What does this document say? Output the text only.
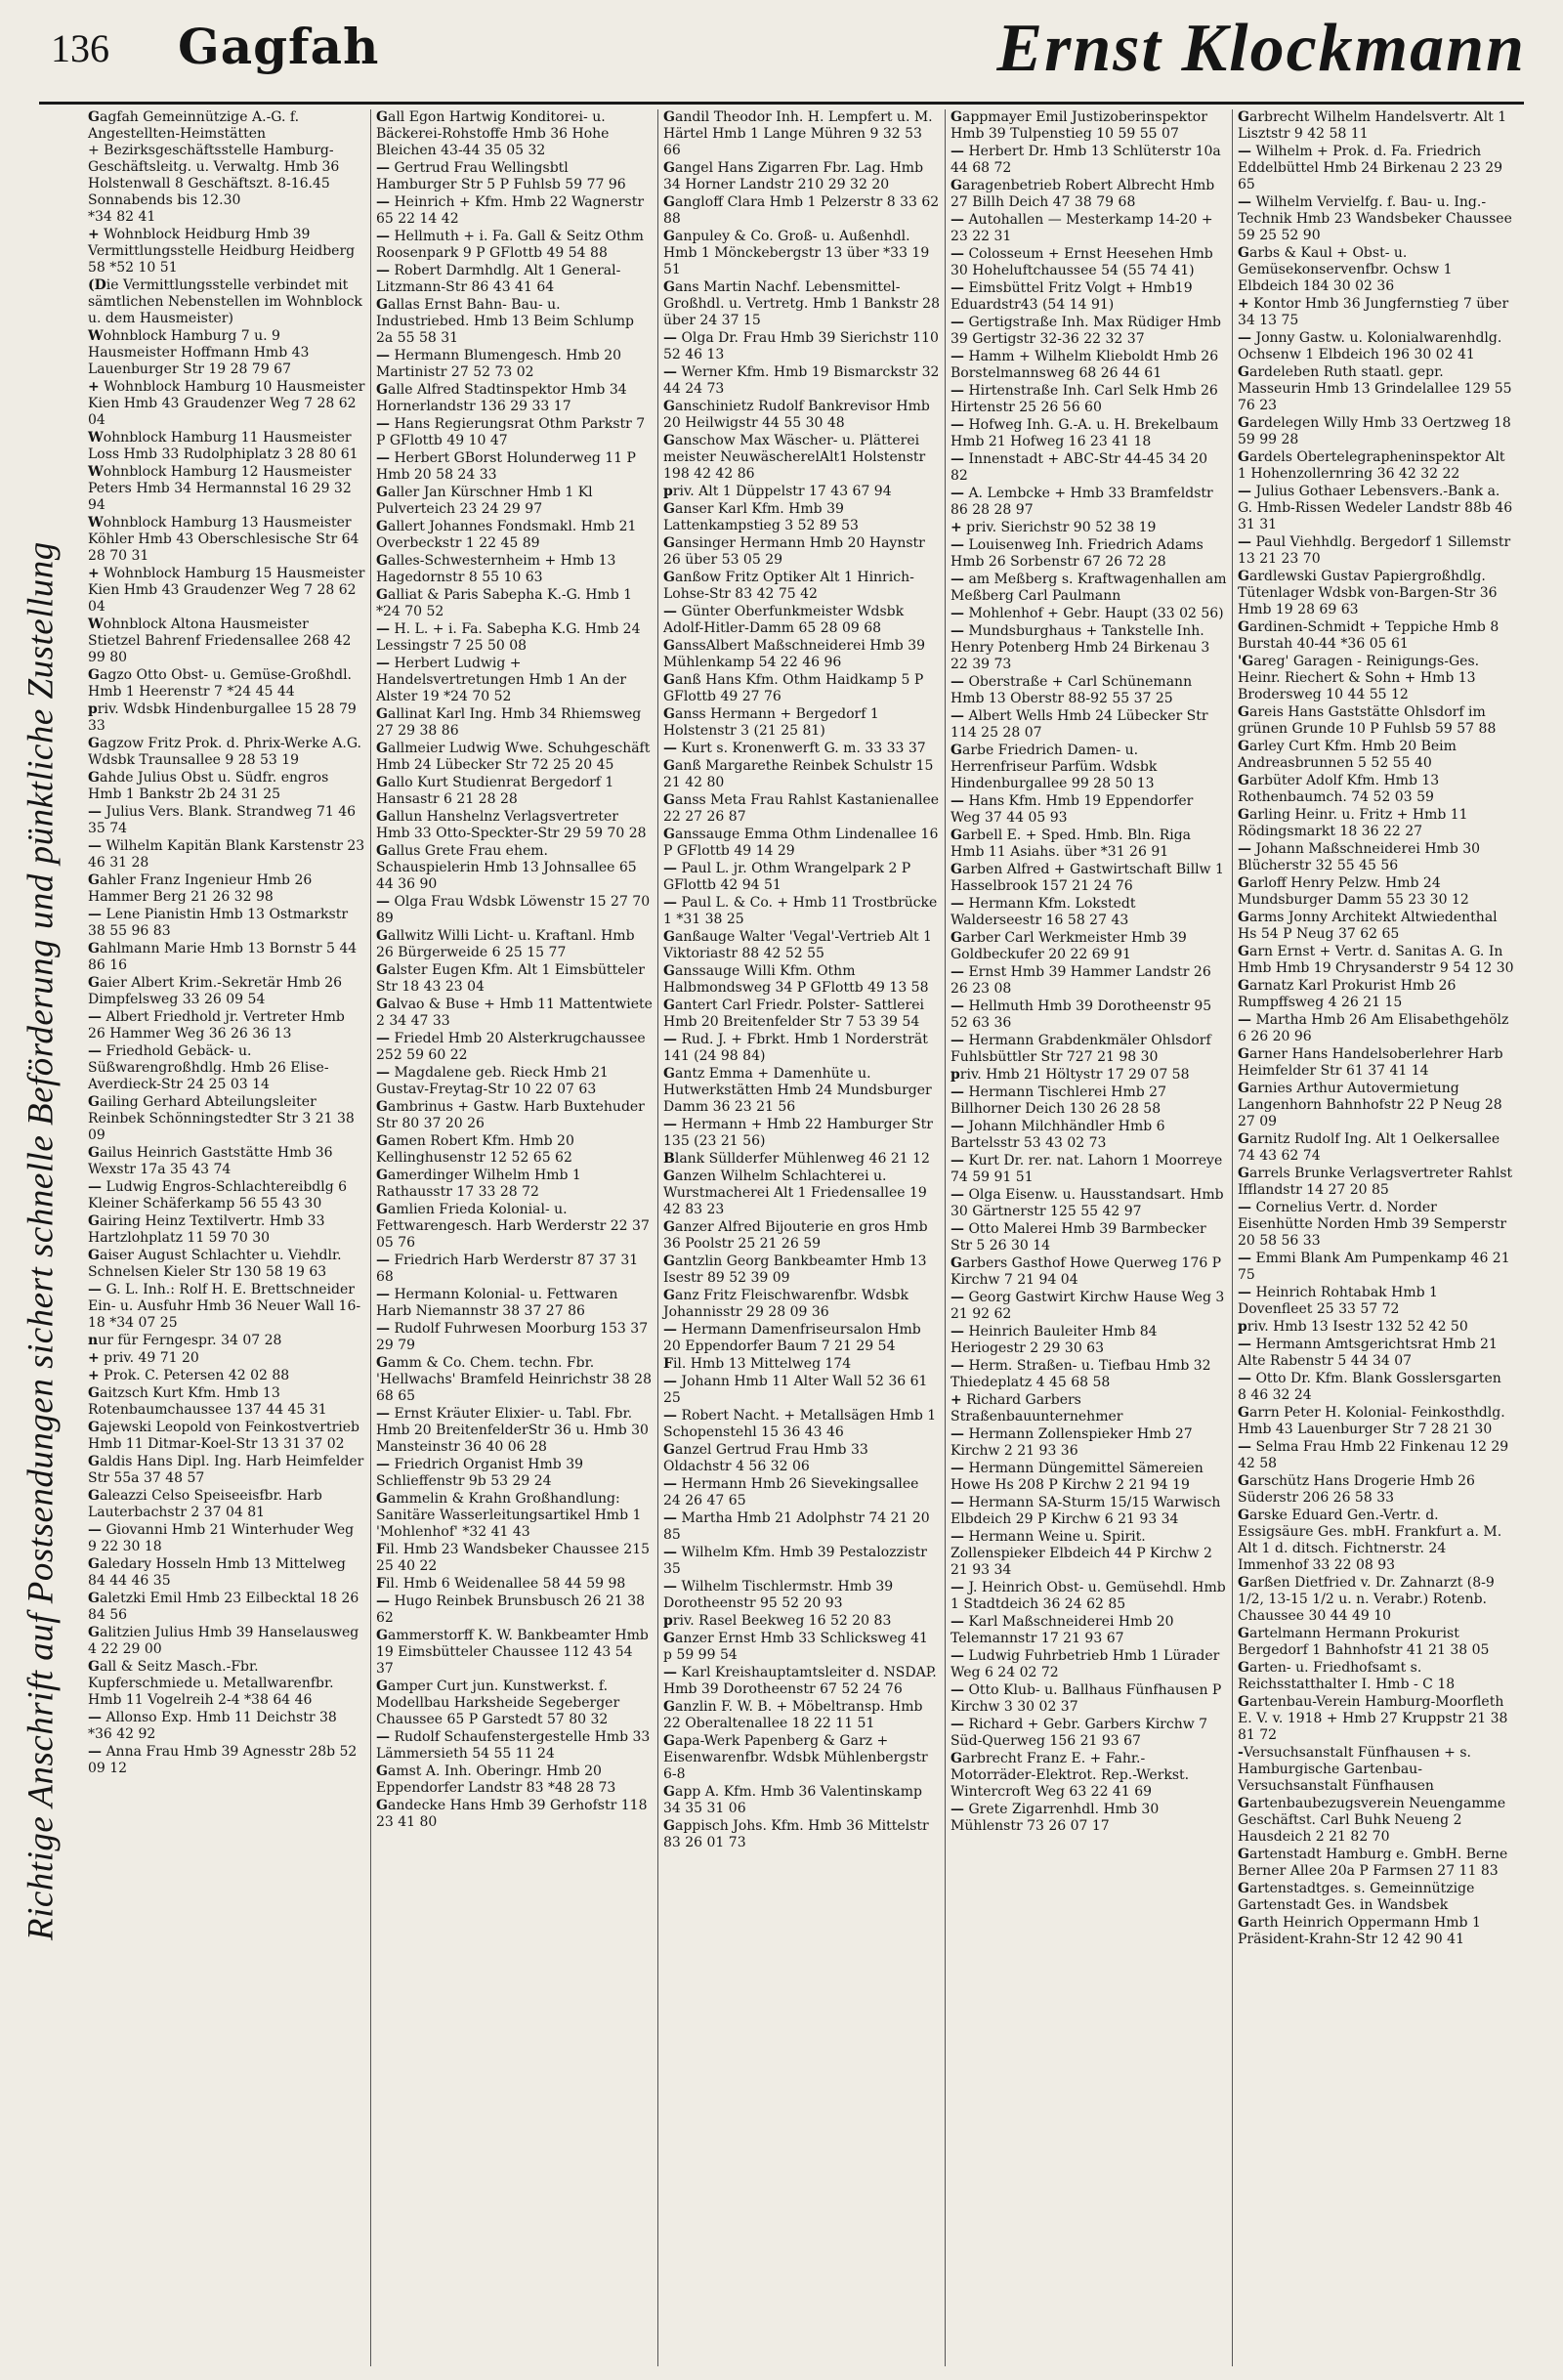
136 Gagfah	Ernst Klockmann
Richtige Anschrift auf Postsendungen sichert schnelle Beförderung und pünktliche Zustellung
Gagfah Gemeinnützige A.-G. f. Angestellten-Heimstätten
+ Bezirksgeschäftsstelle Hamburg-Geschäftsleitg. u. Verwaltg. Hmb 36 Holstenwall 8 Geschäftszt. 8-16.45 Sonnabends bis 12.30
*34 82 41
+ Wohnblock Heidburg Hmb 39 Vermittlungsstelle Heidburg Heidberg 58 *52 10 51
(Die Vermittlungsstelle verbindet mit sämtlichen Nebenstellen im Wohnblock u. dem Hausmeister)
Wohnblock Hamburg 7 u. 9 Hausmeister Hoffmann Hmb 43 Lauenburger Str 19 28 79 67
+ Wohnblock Hamburg 10 Hausmeister Kien Hmb 43 Graudenzer Weg 7 28 62 04
Wohnblock Hamburg 11 Hausmeister Loss Hmb 33 Rudolphiplatz 3 28 80 61
Wohnblock Hamburg 12 Hausmeister Peters Hmb 34 Hermannstal 16 29 32 94
Wohnblock Hamburg 13 Hausmeister Köhler Hmb 43 Oberschlesische Str 64 28 70 31
+ Wohnblock Hamburg 15 Hausmeister Kien Hmb 43 Graudenzer Weg 7 28 62 04
Wohnblock Altona Hausmeister Stietzel Bahrenf Friedensallee 268 42 99 80
Gagzo Otto Obst- u. Gemüse-Großhdl. Hmb 1 Heerenstr 7 *24 45 44
priv. Wdsbk Hindenburgallee 15 28 79 33
Gagzow Fritz Prok. d. Phrix-Werke A.G. Wdsbk Traunsallee 9 28 53 19
Gahde Julius Obst u. Südfr. engros Hmb 1 Bankstr 2b 24 31 25
— Julius Vers. Blank. Strandweg 71 46 35 74
— Wilhelm Kapitän Blank Karstenstr 23 46 31 28
Gahler Franz Ingenieur Hmb 26 Hammer Berg 21 26 32 98
— Lene Pianistin Hmb 13 Ostmarkstr 38 55 96 83
Gahlmann Marie Hmb 13 Bornstr 5 44 86 16
Gaier Albert Krim.-Sekretär Hmb 26 Dimpfelsweg 33 26 09 54
— Albert Friedhold jr. Vertreter Hmb 26 Hammer Weg 36 26 36 13
— Friedhold Gebäck- u. Süßwarengroßhdlg. Hmb 26 Elise-Averdieck-Str 24 25 03 14
Gailing Gerhard Abteilungsleiter Reinbek Schönningstedter Str 3 21 38 09
Gailus Heinrich Gaststätte Hmb 36 Wexstr 17a 35 43 74
— Ludwig Engros-Schlachtereibdlg 6 Kleiner Schäferkamp 56 55 43 30
Gairing Heinz Textilvertr. Hmb 33 Hartzlohplatz 11 59 70 30
Gaiser August Schlachter u. Viehdlr. Schnelsen Kieler Str 130 58 19 63
— G. L. Inh.: Rolf H. E. Brettschneider Ein- u. Ausfuhr Hmb 36 Neuer Wall 16-18 *34 07 25
nur für Ferngespr. 34 07 28
+ priv. 49 71 20
+ Prok. C. Petersen 42 02 88
Gaitzsch Kurt Kfm. Hmb 13 Rotenbaumchaussee 137 44 45 31
Gajewski Leopold von Feinkostvertrieb Hmb 11 Ditmar-Koel-Str 13 31 37 02
Galdis Hans Dipl. Ing. Harb Heimfelder Str 55a 37 48 57
Galeazzi Celso Speiseeisfbr. Harb Lauterbachstr 2 37 04 81
— Giovanni Hmb 21 Winterhuder Weg 9 22 30 18
Galedary Hosseln Hmb 13 Mittelweg 84 44 46 35
Galetzki Emil Hmb 23 Eilbecktal 18 26 84 56
Galitzien Julius Hmb 39 Hanselausweg 4 22 29 00
Gall & Seitz Masch.-Fbr. Kupferschmiede u. Metallwarenfbr. Hmb 11 Vogelreih 2-4 *38 64 46
— Allonso Exp. Hmb 11 Deichstr 38 *36 42 92
— Anna Frau Hmb 39 Agnesstr 28b 52 09 12
Gall Egon Hartwig Konditorei- u. Bäckerei-Rohstoffe Hmb 36 Hohe Bleichen 43-44 35 05 32
— Gertrud Frau Wellingsbtl Hamburger Str 5 P Fuhlsb 59 77 96
— Heinrich + Kfm. Hmb 22 Wagnerstr 65 22 14 42
— Hellmuth + i. Fa. Gall & Seitz Othm Roosenpark 9 P GFlottb 49 54 88
— Robert Darmhdlg. Alt 1 General-Litzmann-Str 86 43 41 64
Gallas Ernst Bahn- Bau- u. Industriebed. Hmb 13 Beim Schlump 2a 55 58 31
— Hermann Blumengesch. Hmb 20 Martinistr 27 52 73 02
Galle Alfred Stadtinspektor Hmb 34 Hornerlandstr 136 29 33 17
— Hans Regierungsrat Othm Parkstr 7 P GFlottb 49 10 47
— Herbert GBorst Holunderweg 11 P Hmb 20 58 24 33
Galler Jan Kürschner Hmb 1 Kl Pulverteich 23 24 29 97
Gallert Johannes Fondsmakl. Hmb 21 Overbeckstr 1 22 45 89
Galles-Schwesternheim + Hmb 13 Hagedornstr 8 55 10 63
Galliat & Paris Sabepha K.-G. Hmb 1 *24 70 52
— H. L. + i. Fa. Sabepha K.G. Hmb 24 Lessingstr 7 25 50 08
— Herbert Ludwig + Handelsvertretungen Hmb 1 An der Alster 19 *24 70 52
Gallinat Karl Ing. Hmb 34 Rhiemsweg 27 29 38 86
Gallmeier Ludwig Wwe. Schuhgeschäft Hmb 24 Lübecker Str 72 25 20 45
Gallo Kurt Studienrat Bergedorf 1 Hansastr 6 21 28 28
Gallun Hanshelnz Verlagsvertreter Hmb 33 Otto-Speckter-Str 29 59 70 28
Gallus Grete Frau ehem. Schauspielerin Hmb 13 Johnsallee 65 44 36 90
— Olga Frau Wdsbk Löwenstr 15 27 70 89
Gallwitz Willi Licht- u. Kraftanl. Hmb 26 Bürgerweide 6 25 15 77
Galster Eugen Kfm. Alt 1 Eimsbütteler Str 18 43 23 04
Galvao & Buse + Hmb 11 Mattentwiete 2 34 47 33
— Friedel Hmb 20 Alsterkrugchaussee 252 59 60 22
— Magdalene geb. Rieck Hmb 21 Gustav-Freytag-Str 10 22 07 63
Gambrinus + Gastw. Harb Buxtehuder Str 80 37 20 26
Gamen Robert Kfm. Hmb 20 Kellinghusenstr 12 52 65 62
Gamerdinger Wilhelm Hmb 1 Rathausstr 17 33 28 72
Gamlien Frieda Kolonial- u. Fettwarengesch. Harb Werderstr 22 37 05 76
— Friedrich Harb Werderstr 87 37 31 68
— Hermann Kolonial- u. Fettwaren Harb Niemannstr 38 37 27 86
— Rudolf Fuhrwesen Moorburg 153 37 29 79
Gamm & Co. Chem. techn. Fbr. 'Hellwachs' Bramfeld Heinrichstr 38 28 68 65
— Ernst Kräuter Elixier- u. Tabl. Fbr. Hmb 20 BreitenfelderStr 36 u. Hmb 30 Mansteinstr 36 40 06 28
— Friedrich Organist Hmb 39 Schlieffenstr 9b 53 29 24
Gammelin & Krahn Großhandlung: Sanitäre Wasserleitungsartikel Hmb 1 'Mohlenhof' *32 41 43
Fil. Hmb 23 Wandsbeker Chaussee 215 25 40 22
Fil. Hmb 6 Weidenallee 58 44 59 98
— Hugo Reinbek Brunsbusch 26 21 38 62
Gammerstorff K. W. Bankbeamter Hmb 19 Eimsbütteler Chaussee 112 43 54 37
Gamper Curt jun. Kunstwerkst. f. Modellbau Harksheide Segeberger Chaussee 65 P Garstedt 57 80 32
— Rudolf Schaufenstergestelle Hmb 33 Lämmersieth 54 55 11 24
Gamst A. Inh. Oberingr. Hmb 20 Eppendorfer Landstr 83 *48 28 73
Gandecke Hans Hmb 39 Gerhofstr 118 23 41 80
Gandil Theodor Inh. H. Lempfert u. M. Härtel Hmb 1 Lange Mühren 9 32 53 66
Gangel Hans Zigarren Fbr. Lag. Hmb 34 Horner Landstr 210 29 32 20
Gangloff Clara Hmb 1 Pelzerstr 8 33 62 88
Ganpuley & Co. Groß- u. Außenhdl. Hmb 1 Mönckebergstr 13 über *33 19 51
Gans Martin Nachf. Lebensmittel-Großhdl. u. Vertretg. Hmb 1 Bankstr 28 über 24 37 15
— Olga Dr. Frau Hmb 39 Sierichstr 110 52 46 13
— Werner Kfm. Hmb 19 Bismarckstr 32 44 24 73
Ganschinietz Rudolf Bankrevisor Hmb 20 Heilwigstr 44 55 30 48
Ganschow Max Wäscher- u. Plätterei meister NeuwäscherelAlt1 Holstenstr 198 42 42 86
priv. Alt 1 Düppelstr 17 43 67 94
Ganser Karl Kfm. Hmb 39 Lattenkampstieg 3 52 89 53
Gansinger Hermann Hmb 20 Haynstr 26 über 53 05 29
Ganßow Fritz Optiker Alt 1 Hinrich-Lohse-Str 83 42 75 42
— Günter Oberfunkmeister Wdsbk Adolf-Hitler-Damm 65 28 09 68
GanssAlbert Maßschneiderei Hmb 39 Mühlenkamp 54 22 46 96
Ganß Hans Kfm. Othm Haidkamp 5 P GFlottb 49 27 76
Ganss Hermann + Bergedorf 1 Holstenstr 3 (21 25 81)
— Kurt s. Kronenwerft G. m. 33 33 37
Ganß Margarethe Reinbek Schulstr 15 21 42 80
Ganss Meta Frau Rahlst Kastanienallee 22 27 26 87
Ganssauge Emma Othm Lindenallee 16 P GFlottb 49 14 29
— Paul L. jr. Othm Wrangelpark 2 P GFlottb 42 94 51
— Paul L. & Co. + Hmb 11 Trostbrücke 1 *31 38 25
Ganßauge Walter 'Vegal'-Vertrieb Alt 1 Viktoriastr 88 42 52 55
Ganssauge Willi Kfm. Othm Halbmondsweg 34 P GFlottb 49 13 58
Gantert Carl Friedr. Polster- Sattlerei Hmb 20 Breitenfelder Str 7 53 39 54
— Rud. J. + Fbrkt. Hmb 1 Nordersträt 141 (24 98 84)
Gantz Emma + Damenhüte u. Hutwerkstätten Hmb 24 Mundsburger Damm 36 23 21 56
— Hermann + Hmb 22 Hamburger Str 135 (23 21 56)
Blank Süllderfer Mühlenweg 46 21 12
Ganzen Wilhelm Schlachterei u. Wurstmacherei Alt 1 Friedensallee 19 42 83 23
Ganzer Alfred Bijouterie en gros Hmb 36 Poolstr 25 21 26 59
Gantzlin Georg Bankbeamter Hmb 13 Isestr 89 52 39 09
Ganz Fritz Fleischwarenfbr. Wdsbk Johannisstr 29 28 09 36
— Hermann Damenfriseursalon Hmb 20 Eppendorfer Baum 7 21 29 54
Fil. Hmb 13 Mittelweg 174
— Johann Hmb 11 Alter Wall 52 36 61 25
— Robert Nacht. + Metallsägen Hmb 1 Schopenstehl 15 36 43 46
Ganzel Gertrud Frau Hmb 33 Oldachstr 4 56 32 06
— Hermann Hmb 26 Sievekingsallee 24 26 47 65
— Martha Hmb 21 Adolphstr 74 21 20 85
— Wilhelm Kfm. Hmb 39 Pestalozzistr 35
— Wilhelm Tischlermstr. Hmb 39 Dorotheenstr 95 52 20 93
priv. Rasel Beekweg 16 52 20 83
Ganzer Ernst Hmb 33 Schlicksweg 41 p 59 99 54
— Karl Kreishauptamtsleiter d. NSDAP. Hmb 39 Dorotheenstr 67 52 24 76
Ganzlin F. W. B. + Möbeltransp. Hmb 22 Oberaltenallee 18 22 11 51
Gapa-Werk Papenberg & Garz + Eisenwarenfbr. Wdsbk Mühlenbergstr 6-8
Gapp A. Kfm. Hmb 36 Valentinskamp 34 35 31 06
Gappisch Johs. Kfm. Hmb 36 Mittelstr 83 26 01 73
Gappmayer Emil Justizoberinspektor Hmb 39 Tulpenstieg 10 59 55 07
— Herbert Dr. Hmb 13 Schlüterstr 10a 44 68 72
Garagenbetrieb Robert Albrecht Hmb 27 Billh Deich 47 38 79 68
— Autohallen — Mesterkamp 14-20 + 23 22 31
— Colosseum + Ernst Heesehen Hmb 30 Hoheluftchaussee 54 (55 74 41)
— Eimsbüttel Fritz Volgt + Hmb19 Eduardstr43 (54 14 91)
— Gertigstraße Inh. Max Rüdiger Hmb 39 Gertigstr 32-36 22 32 37
— Hamm + Wilhelm Klieboldt Hmb 26 Borstelmannsweg 68 26 44 61
— Hirtenstraße Inh. Carl Selk Hmb 26 Hirtenstr 25 26 56 60
— Hofweg Inh. G.-A. u. H. Brekelbaum Hmb 21 Hofweg 16 23 41 18
— Innenstadt + ABC-Str 44-45 34 20 82
— A. Lembcke + Hmb 33 Bramfeldstr 86 28 28 97
+ priv. Sierichstr 90 52 38 19
— Louisenweg Inh. Friedrich Adams Hmb 26 Sorbenstr 67 26 72 28
— am Meßberg s. Kraftwagenhallen am Meßberg Carl Paulmann
— Mohlenhof + Gebr. Haupt (33 02 56)
— Mundsburghaus + Tankstelle Inh. Henry Potenberg Hmb 24 Birkenau 3 22 39 73
— Oberstraße + Carl Schünemann Hmb 13 Oberstr 88-92 55 37 25
— Albert Wells Hmb 24 Lübecker Str 114 25 28 07
Garbe Friedrich Damen- u. Herrenfriseur Parfüm. Wdsbk Hindenburgallee 99 28 50 13
— Hans Kfm. Hmb 19 Eppendorfer Weg 37 44 05 93
Garbell E. + Sped. Hmb. Bln. Riga Hmb 11 Asiahs. über *31 26 91
Garben Alfred + Gastwirtschaft Billw 1 Hasselbrook 157 21 24 76
— Hermann Kfm. Lokstedt Walderseestr 16 58 27 43
Garber Carl Werkmeister Hmb 39 Goldbeckufer 20 22 69 91
— Ernst Hmb 39 Hammer Landstr 26 26 23 08
— Hellmuth Hmb 39 Dorotheenstr 95 52 63 36
— Hermann Grabdenkmäler Ohlsdorf Fuhlsbüttler Str 727 21 98 30
priv. Hmb 21 Höltystr 17 29 07 58
— Hermann Tischlerei Hmb 27 Billhorner Deich 130 26 28 58
— Johann Milchhändler Hmb 6 Bartelsstr 53 43 02 73
— Kurt Dr. rer. nat. Lahorn 1 Moorreye 74 59 91 51
— Olga Eisenw. u. Hausstandsart. Hmb 30 Gärtnerstr 125 55 42 97
— Otto Malerei Hmb 39 Barmbecker Str 5 26 30 14
Garbers Gasthof Howe Querweg 176 P Kirchw 7 21 94 04
— Georg Gastwirt Kirchw Hause Weg 3 21 92 62
— Heinrich Bauleiter Hmb 84 Heriogestr 2 29 30 63
— Herm. Straßen- u. Tiefbau Hmb 32 Thiedeplatz 4 45 68 58
+ Richard Garbers Straßenbauunternehmer
— Hermann Zollenspieker Hmb 27 Kirchw 2 21 93 36
— Hermann Düngemittel Sämereien Howe Hs 208 P Kirchw 2 21 94 19
— Hermann SA-Sturm 15/15 Warwisch Elbdeich 29 P Kirchw 6 21 93 34
— Hermann Weine u. Spirit. Zollenspieker Elbdeich 44 P Kirchw 2 21 93 34
— J. Heinrich Obst- u. Gemüsehdl. Hmb 1 Stadtdeich 36 24 62 85
— Karl Maßschneiderei Hmb 20 Telemannstr 17 21 93 67
— Ludwig Fuhrbetrieb Hmb 1 Lürader Weg 6 24 02 72
— Otto Klub- u. Ballhaus Fünfhausen P Kirchw 3 30 02 37
— Richard + Gebr. Garbers Kirchw 7 Süd-Querweg 156 21 93 67
Garbrecht Franz E. + Fahr.-Motorräder-Elektrot. Rep.-Werkst. Wintercroft Weg 63 22 41 69
— Grete Zigarrenhdl. Hmb 30 Mühlenstr 73 26 07 17
Garbrecht Wilhelm Handelsvertr. Alt 1 Lisztstr 9 42 58 11
— Wilhelm + Prok. d. Fa. Friedrich Eddelbüttel Hmb 24 Birkenau 2 23 29 65
— Wilhelm Vervielfg. f. Bau- u. Ing.-Technik Hmb 23 Wandsbeker Chaussee 59 25 52 90
Garbs & Kaul + Obst- u. Gemüsekonservenfbr. Ochsw 1 Elbdeich 184 30 02 36
+ Kontor Hmb 36 Jungfernstieg 7 über 34 13 75
— Jonny Gastw. u. Kolonialwarenhdlg. Ochsenw 1 Elbdeich 196 30 02 41
Gardeleben Ruth staatl. gepr. Masseurin Hmb 13 Grindelallee 129 55 76 23
Gardelegen Willy Hmb 33 Oertzweg 18 59 99 28
Gardels Obertelegrapheninspektor Alt 1 Hohenzollernring 36 42 32 22
— Julius Gothaer Lebensvers.-Bank a. G. Hmb-Rissen Wedeler Landstr 88b 46 31 31
— Paul Viehhdlg. Bergedorf 1 Sillemstr 13 21 23 70
Gardlewski Gustav Papiergroßhdlg. Tütenlager Wdsbk von-Bargen-Str 36 Hmb 19 28 69 63
Gardinen-Schmidt + Teppiche Hmb 8 Burstah 40-44 *36 05 61
'Gareg' Garagen - Reinigungs-Ges. Heinr. Riechert & Sohn + Hmb 13 Brodersweg 10 44 55 12
Gareis Hans Gaststätte Ohlsdorf im grünen Grunde 10 P Fuhlsb 59 57 88
Garley Curt Kfm. Hmb 20 Beim Andreasbrunnen 5 52 55 40
Garbüter Adolf Kfm. Hmb 13 Rothenbaumch. 74 52 03 59
Garling Heinr. u. Fritz + Hmb 11 Rödingsmarkt 18 36 22 27
— Johann Maßschneiderei Hmb 30 Blücherstr 32 55 45 56
Garloff Henry Pelzw. Hmb 24 Mundsburger Damm 55 23 30 12
Garms Jonny Architekt Altwiedenthal Hs 54 P Neug 37 62 65
Garn Ernst + Vertr. d. Sanitas A. G. In Hmb Hmb 19 Chrysanderstr 9 54 12 30
Garnatz Karl Prokurist Hmb 26 Rumpffsweg 4 26 21 15
— Martha Hmb 26 Am Elisabethgehölz 6 26 20 96
Garner Hans Handelsoberlehrer Harb Heimfelder Str 61 37 41 14
Garnies Arthur Autovermietung Langenhorn Bahnhofstr 22 P Neug 28 27 09
Garnitz Rudolf Ing. Alt 1 Oelkersallee 74 43 62 74
Garrels Brunke Verlagsvertreter Rahlst Ifflandstr 14 27 20 85
— Cornelius Vertr. d. Norder Eisenhütte Norden Hmb 39 Semperstr 20 58 56 33
— Emmi Blank Am Pumpenkamp 46 21 75
— Heinrich Rohtabak Hmb 1 Dovenfleet 25 33 57 72
priv. Hmb 13 Isestr 132 52 42 50
— Hermann Amtsgerichtsrat Hmb 21 Alte Rabenstr 5 44 34 07
— Otto Dr. Kfm. Blank Gosslersgarten 8 46 32 24
Garrn Peter H. Kolonial- Feinkosthdlg. Hmb 43 Lauenburger Str 7 28 21 30
— Selma Frau Hmb 22 Finkenau 12 29 42 58
Garschütz Hans Drogerie Hmb 26 Süderstr 206 26 58 33
Garske Eduard Gen.-Vertr. d. Essigsäure Ges. mbH. Frankfurt a. M. Alt 1 d. ditsch. Fichtnerstr. 24 Immenhof 33 22 08 93
Garßen Dietfried v. Dr. Zahnarzt (8-9 1/2, 13-15 1/2 u. n. Verabr.) Rotenb. Chaussee 30 44 49 10
Gartelmann Hermann Prokurist Bergedorf 1 Bahnhofstr 41 21 38 05
Garten- u. Friedhofsamt s. Reichsstatthalter I. Hmb - C 18
Gartenbau-Verein Hamburg-Moorfleth E. V. v. 1918 + Hmb 27 Kruppstr 21 38 81 72
-Versuchsanstalt Fünfhausen + s. Hamburgische Gartenbau-Versuchsanstalt Fünfhausen
Gartenbaubezugsverein Neuengamme Geschäftst. Carl Buhk Neueng 2 Hausdeich 2 21 82 70
Gartenstadt Hamburg e. GmbH. Berne Berner Allee 20a P Farmsen 27 11 83
Gartenstadtges. s. Gemeinnützige Gartenstadt Ges. in Wandsbek
Garth Heinrich Oppermann Hmb 1 Präsident-Krahn-Str 12 42 90 41
